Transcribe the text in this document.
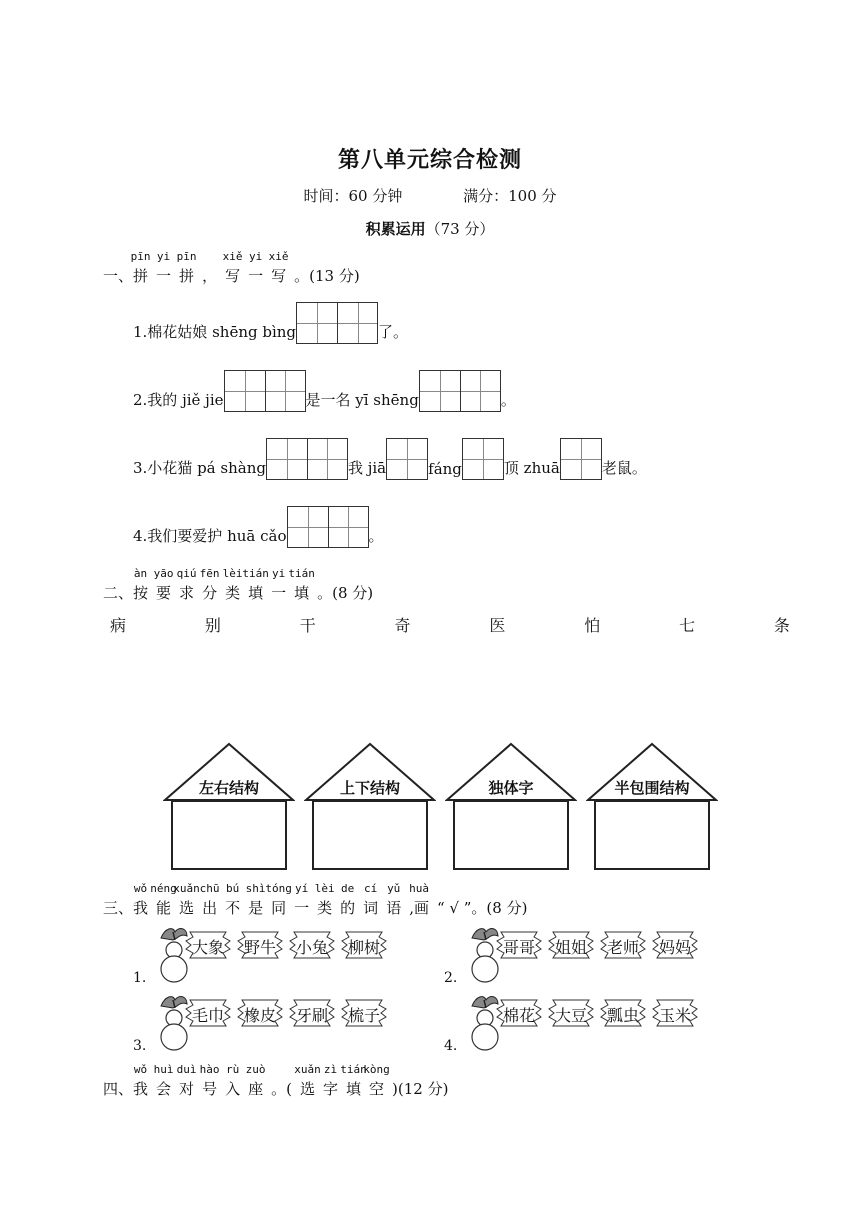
第八单元综合检测
时间：60 分钟	满分：100 分
积累运用（73 分）
一、
pīn
拼
yi
一
pīn
拼 ，
xiě
写
yi
一
xiě
写 。(13 分)
1.棉花姑娘 shēng bìng	了。
2.我的 jiě jie	是一名 yī shēng	。
3.小花猫 pá shàng	我 jiā	fáng	顶 zhuā	老鼠。
4.我们要爱护 huā cǎo	。
二、
àn
按
yāo
要
qiú
求
fēn
分
lèi
类
tián
填
yi
一
tián
填 。(8 分)
病	别	干	奇	医	怕	七	条
左右结构	上下结构	独体字	半包围结构
三、
wǒ
我
néng
能
xuǎn
选
chū
出
bú
不
shì
是
tóng
同
yí
一
lèi
类
de
的
cí
词
yǔ
语
huà
,画 “ √ ”。(8 分)
1.
大象	野牛	小兔	柳树
2.
哥哥	姐姐	老师	妈妈
3.
毛巾	橡皮	牙刷	梳子
4.
棉花	大豆	瓢虫	玉米
四、
wǒ
我
huì
会
duì
对
hào
号
rù
入
zuò
座 。(
xuǎn
选
zì
字
tián
填
kòng
空 )(12 分)
